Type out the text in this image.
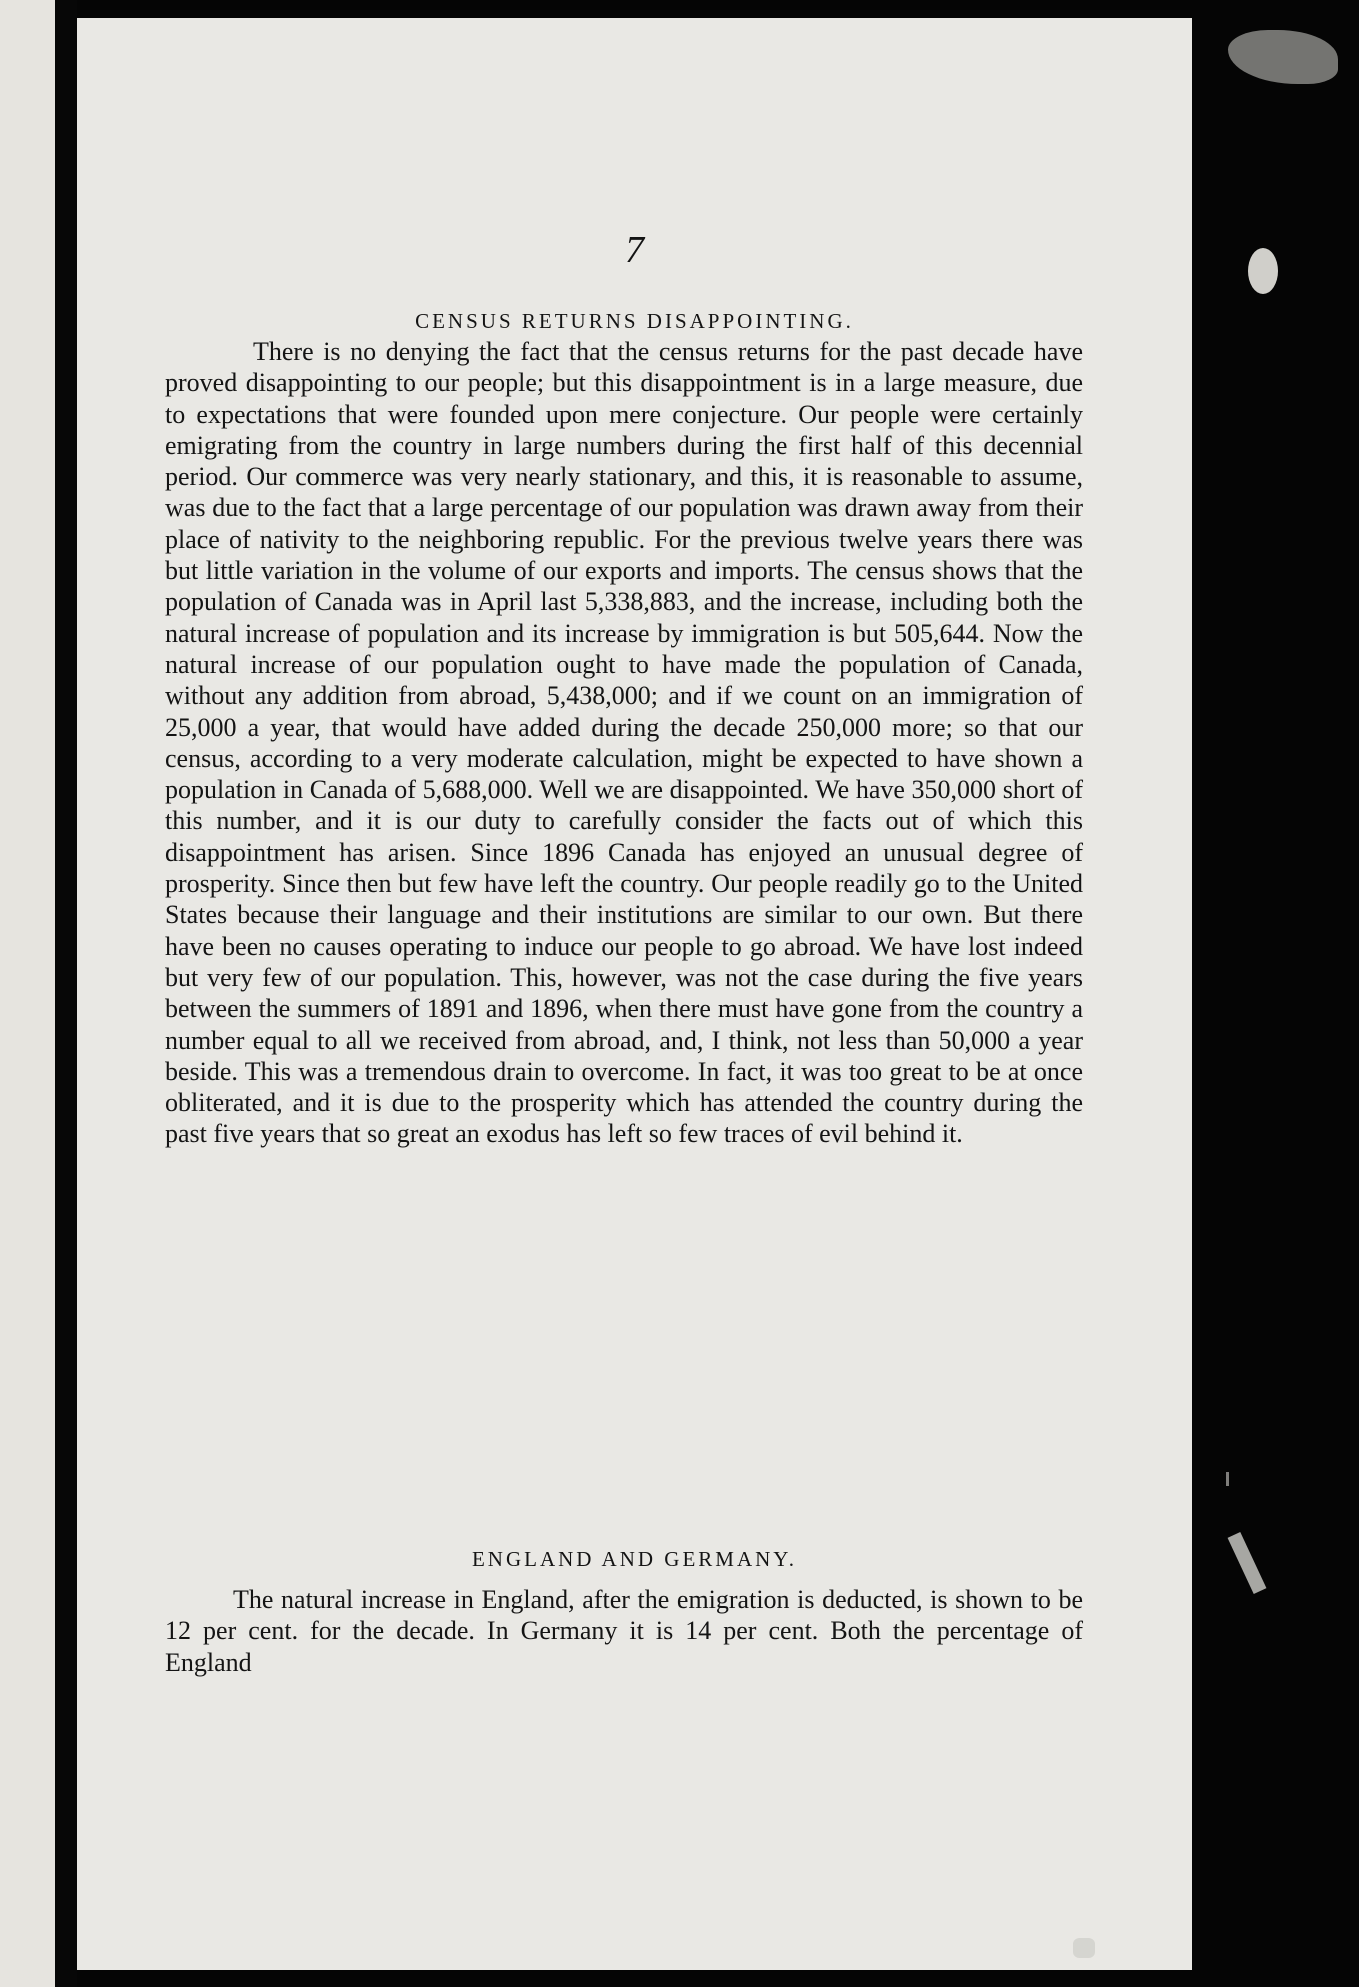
7
CENSUS RETURNS DISAPPOINTING.

There is no denying the fact that the census returns for the past decade have proved disappointing to our people; but this disappointment is in a large measure, due to expectations that were founded upon mere conjecture. Our people were certainly emigrating from the country in large numbers during the first half of this decennial period. Our commerce was very nearly stationary, and this, it is reasonable to assume, was due to the fact that a large percentage of our population was drawn away from their place of nativity to the neighboring republic. For the previous twelve years there was but little variation in the volume of our exports and imports. The census shows that the population of Canada was in April last 5,338,883, and the increase, including both the natural increase of population and its increase by immigration is but 505,644. Now the natural increase of our population ought to have made the population of Canada, without any addition from abroad, 5,438,000; and if we count on an immigration of 25,000 a year, that would have added during the decade 250,000 more; so that our census, according to a very moderate calculation, might be expected to have shown a population in Canada of 5,688,000. Well we are disappointed. We have 350,000 short of this number, and it is our duty to carefully consider the facts out of which this disappointment has arisen. Since 1896 Canada has enjoyed an unusual degree of prosperity. Since then but few have left the country. Our people readily go to the United States because their language and their institutions are similar to our own. But there have been no causes operating to induce our people to go abroad. We have lost indeed but very few of our population. This, however, was not the case during the five years between the summers of 1891 and 1896, when there must have gone from the country a number equal to all we received from abroad, and, I think, not less than 50,000 a year beside. This was a tremendous drain to overcome. In fact, it was too great to be at once obliterated, and it is due to the prosperity which has attended the country during the past five years that so great an exodus has left so few traces of evil behind it.

ENGLAND AND GERMANY.

The natural increase in England, after the emigration is deducted, is shown to be 12 per cent. for the decade. In Germany it is 14 per cent. Both the percentage of England
